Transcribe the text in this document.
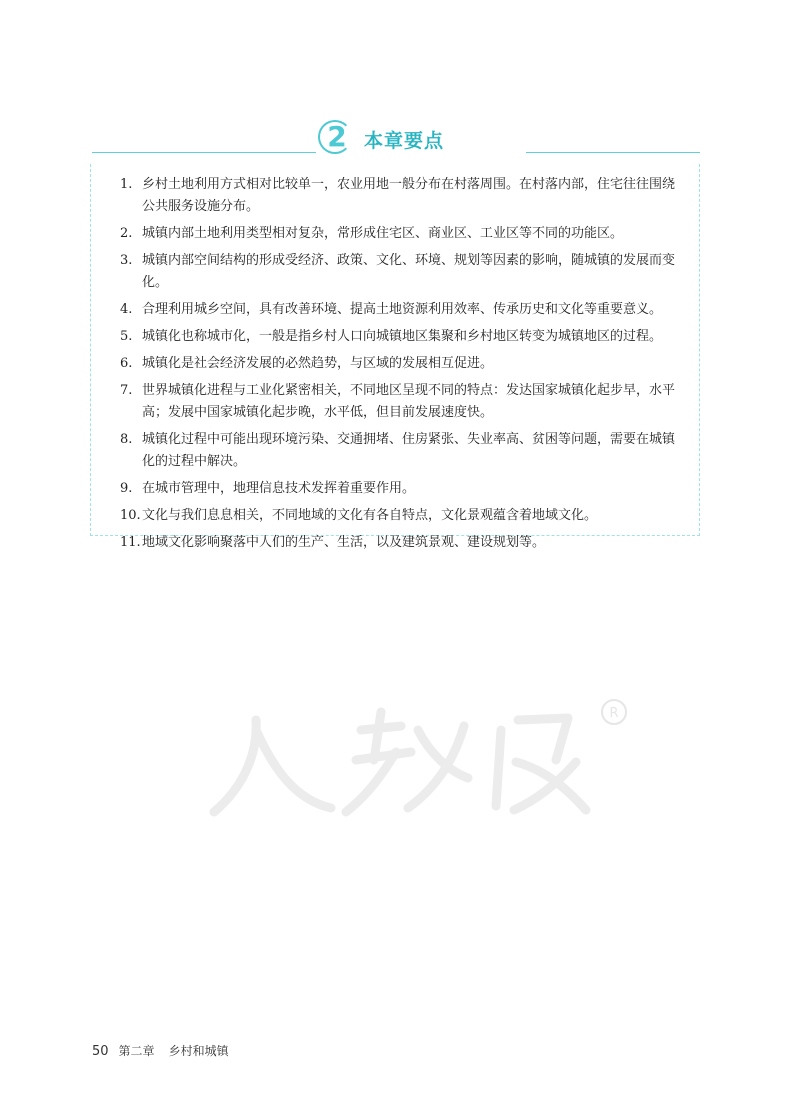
2 本章要点
1. 乡村土地利用方式相对比较单一，农业用地一般分布在村落周围。在村落内部，住宅往往围绕公共服务设施分布。
2. 城镇内部土地利用类型相对复杂，常形成住宅区、商业区、工业区等不同的功能区。
3. 城镇内部空间结构的形成受经济、政策、文化、环境、规划等因素的影响，随城镇的发展而变化。
4. 合理利用城乡空间，具有改善环境、提高土地资源利用效率、传承历史和文化等重要意义。
5. 城镇化也称城市化，一般是指乡村人口向城镇地区集聚和乡村地区转变为城镇地区的过程。
6. 城镇化是社会经济发展的必然趋势，与区域的发展相互促进。
7. 世界城镇化进程与工业化紧密相关，不同地区呈现不同的特点：发达国家城镇化起步早，水平高；发展中国家城镇化起步晚，水平低，但目前发展速度快。
8. 城镇化过程中可能出现环境污染、交通拥堵、住房紧张、失业率高、贫困等问题，需要在城镇化的过程中解决。
9. 在城市管理中，地理信息技术发挥着重要作用。
10. 文化与我们息息相关，不同地域的文化有各自特点，文化景观蕴含着地域文化。
11. 地域文化影响聚落中人们的生产、生活，以及建筑景观、建设规划等。
R
50 第二章 乡村和城镇
